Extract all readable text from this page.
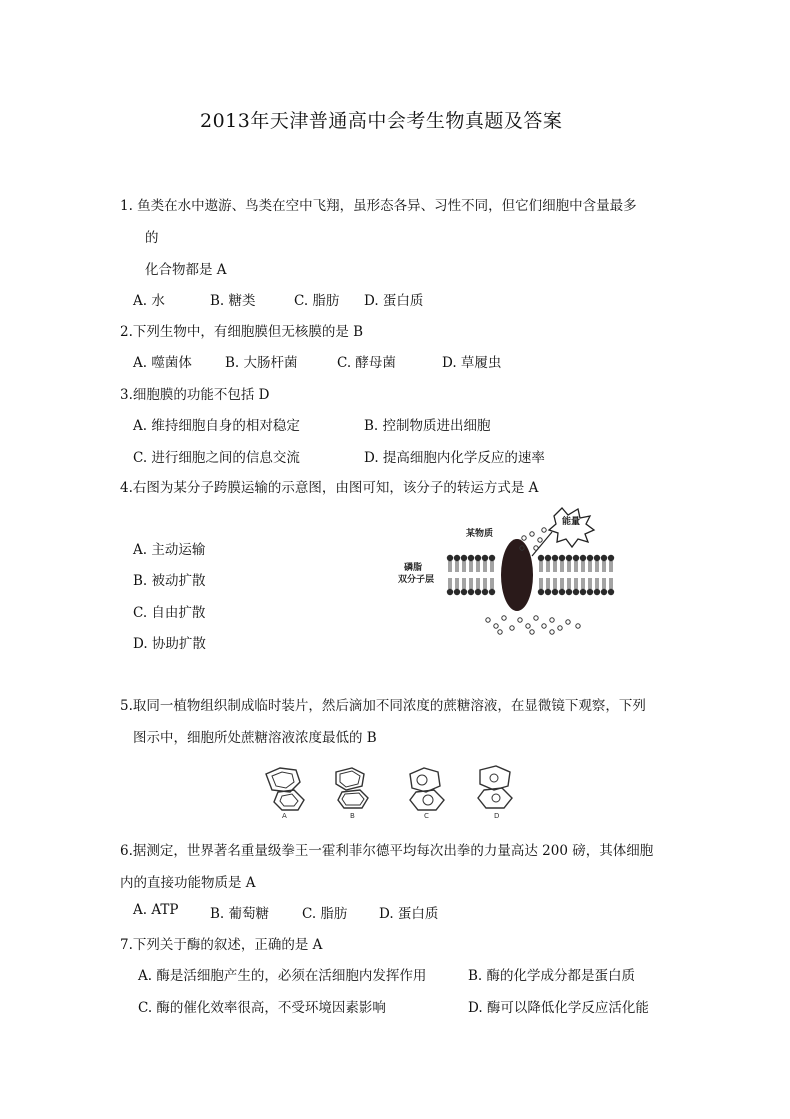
2013年天津普通高中会考生物真题及答案
1. 鱼类在水中遨游、鸟类在空中飞翔，虽形态各异、习性不同，但它们细胞中含量最多
的
化合物都是 A
A. 水	B. 糖类	C. 脂肪 D. 蛋白质
2.下列生物中，有细胞膜但无核膜的是 B
A. 噬菌体 B. 大肠杆菌	C. 酵母菌	D. 草履虫
3.细胞膜的功能不包括 D
A. 维持细胞自身的相对稳定	B. 控制物质进出细胞
C. 进行细胞之间的信息交流	D. 提高细胞内化学反应的速率
4.右图为某分子跨膜运输的示意图，由图可知，该分子的转运方式是 A
A. 主动运输
B. 被动扩散
C. 自由扩散
D. 协助扩散
某物质
能量
磷脂
双分子层
5.取同一植物组织制成临时装片，然后滴加不同浓度的蔗糖溶液，在显微镜下观察，下列
图示中，细胞所处蔗糖溶液浓度最低的 B
A	B	C	D
6.据测定，世界著名重量级拳王一霍利菲尔德平均每次出拳的力量高达 200 磅，其体细胞
内的直接功能物质是 A
A. ATP B. 葡萄糖 C. 脂肪 D. 蛋白质
7.下列关于酶的叙述，正确的是 A
A. 酶是活细胞产生的，必须在活细胞内发挥作用	B. 酶的化学成分都是蛋白质
C. 酶的催化效率很高，不受环境因素影响	D. 酶可以降低化学反应活化能
